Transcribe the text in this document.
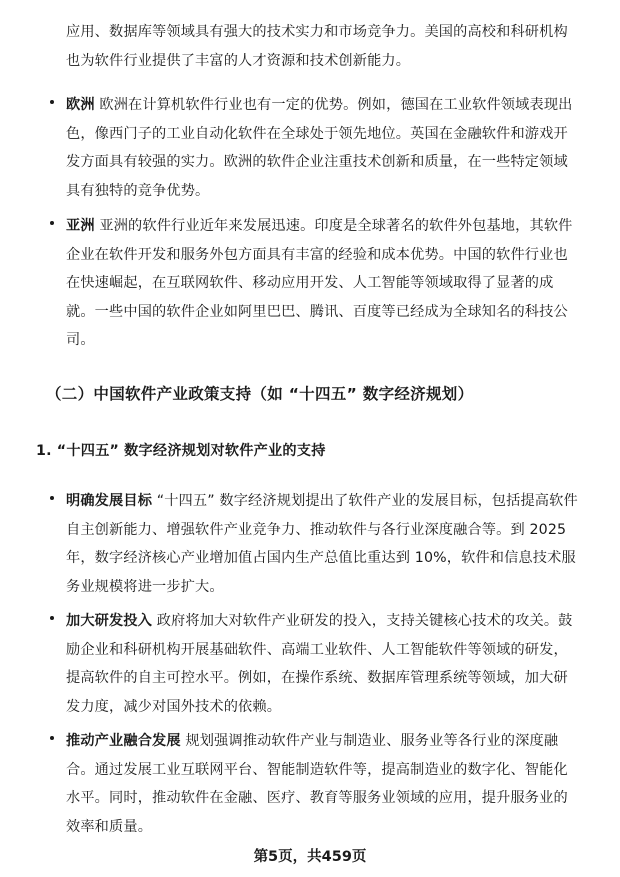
应用、数据库等领域具有强大的技术实力和市场竞争力。美国的高校和科研机构也为软件行业提供了丰富的人才资源和技术创新能力。
欧洲 欧洲在计算机软件行业也有一定的优势。例如，德国在工业软件领域表现出色，像西门子的工业自动化软件在全球处于领先地位。英国在金融软件和游戏开发方面具有较强的实力。欧洲的软件企业注重技术创新和质量，在一些特定领域具有独特的竞争优势。
亚洲 亚洲的软件行业近年来发展迅速。印度是全球著名的软件外包基地，其软件企业在软件开发和服务外包方面具有丰富的经验和成本优势。中国的软件行业也在快速崛起，在互联网软件、移动应用开发、人工智能等领域取得了显著的成就。一些中国的软件企业如阿里巴巴、腾讯、百度等已经成为全球知名的科技公司。
（二）中国软件产业政策支持（如 “十四五” 数字经济规划）
1. “十四五” 数字经济规划对软件产业的支持
明确发展目标 “十四五” 数字经济规划提出了软件产业的发展目标，包括提高软件自主创新能力、增强软件产业竞争力、推动软件与各行业深度融合等。到 2025 年，数字经济核心产业增加值占国内生产总值比重达到 10%，软件和信息技术服务业规模将进一步扩大。
加大研发投入 政府将加大对软件产业研发的投入，支持关键核心技术的攻关。鼓励企业和科研机构开展基础软件、高端工业软件、人工智能软件等领域的研发，提高软件的自主可控水平。例如，在操作系统、数据库管理系统等领域，加大研发力度，减少对国外技术的依赖。
推动产业融合发展 规划强调推动软件产业与制造业、服务业等各行业的深度融合。通过发展工业互联网平台、智能制造软件等，提高制造业的数字化、智能化水平。同时，推动软件在金融、医疗、教育等服务业领域的应用，提升服务业的效率和质量。
第5页，共459页
